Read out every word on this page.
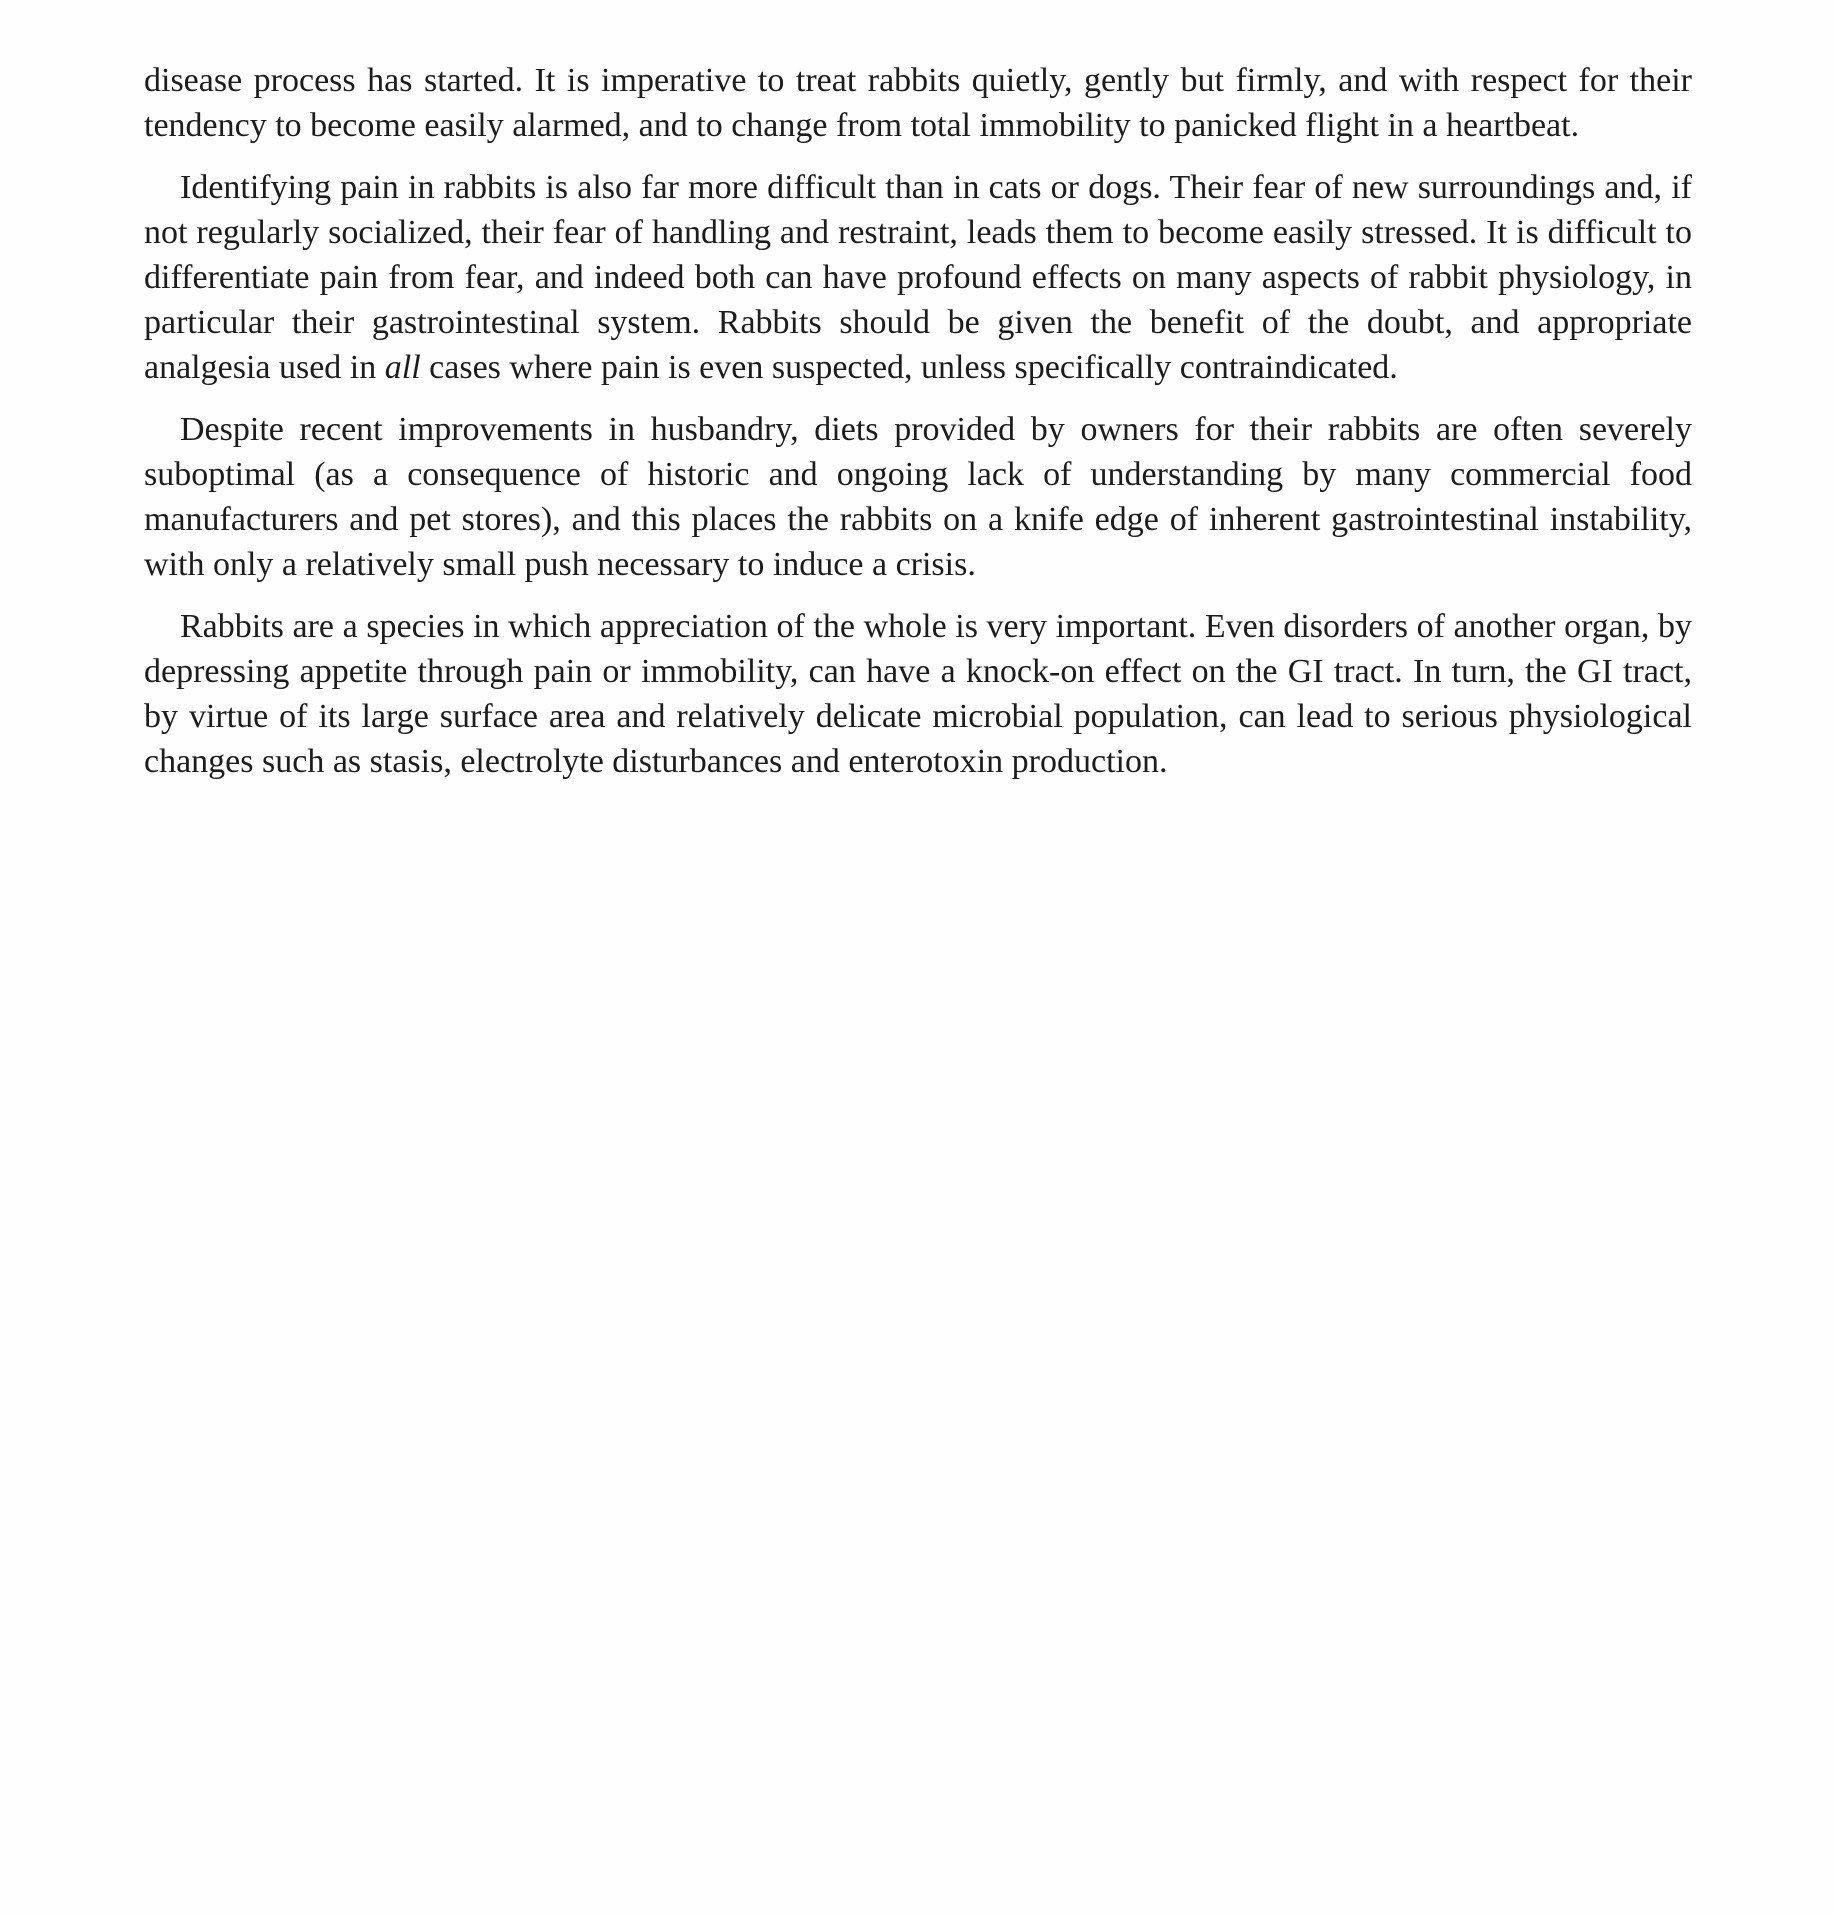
disease process has started. It is imperative to treat rabbits quietly, gently but firmly, and with respect for their tendency to become easily alarmed, and to change from total immobility to panicked flight in a heartbeat.

Identifying pain in rabbits is also far more difficult than in cats or dogs. Their fear of new surroundings and, if not regularly socialized, their fear of handling and restraint, leads them to become easily stressed. It is difficult to differentiate pain from fear, and indeed both can have profound effects on many aspects of rabbit physiology, in particular their gastrointestinal system. Rabbits should be given the benefit of the doubt, and appropriate analgesia used in all cases where pain is even suspected, unless specifically contraindicated.

Despite recent improvements in husbandry, diets provided by owners for their rabbits are often severely suboptimal (as a consequence of historic and ongoing lack of understanding by many commercial food manufacturers and pet stores), and this places the rabbits on a knife edge of inherent gastrointestinal instability, with only a relatively small push necessary to induce a crisis.

Rabbits are a species in which appreciation of the whole is very important. Even disorders of another organ, by depressing appetite through pain or immobility, can have a knock-on effect on the GI tract. In turn, the GI tract, by virtue of its large surface area and relatively delicate microbial population, can lead to serious physiological changes such as stasis, electrolyte disturbances and enterotoxin production.
